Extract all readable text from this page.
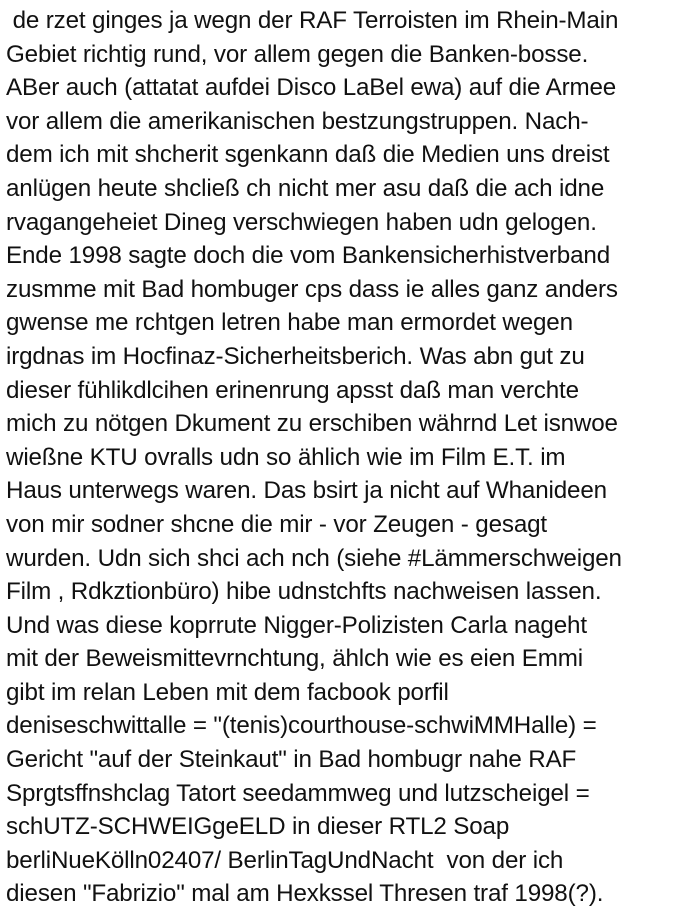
de rzet ginges ja wegn der RAF Terroisten im Rhein-Main
Gebiet richtig rund, vor allem gegen die Banken-bosse.
ABer auch (attatat aufdei Disco LaBel ewa) auf die Armee
vor allem die amerikanischen bestzungstruppen. Nach-
dem ich mit shcherit sgenkann daß die Medien uns dreist
anlügen heute shcließ ch nicht mer asu daß die ach idne
rvagangeheiet Dineg verschwiegen haben udn gelogen.
Ende 1998 sagte doch die vom Bankensicherhistverband
zusmme mit Bad hombuger cps dass ie alles ganz anders
gwense me rchtgen letren habe man ermordet wegen
irgdnas im Hocfinaz-Sicherheitsberich. Was abn gut zu
dieser fühlikdlcihen erinenrung apsst daß man verchte
mich zu nötgen Dkument zu erschiben währnd Let isnwoe
wießne KTU ovralls udn so ählich wie im Film E.T. im
Haus unterwegs waren. Das bsirt ja nicht auf Whanideen
von mir sodner shcne die mir - vor Zeugen - gesagt
wurden. Udn sich shci ach nch (siehe #Lämmerschweigen
Film , Rdkztionbüro) hibe udnstchfts nachweisen lassen.
Und was diese koprrute Nigger-Polizisten Carla nageht
mit der Beweismittevrnchtung, ählch wie es eien Emmi
gibt im relan Leben mit dem facbook porfil
deniseschwittalle = "(tenis)courthouse-schwiMMHalle) =
Gericht "auf der Steinkaut" in Bad hombugr nahe RAF
Sprgtsffnshclag Tatort seedammweg und lutzscheigel =
schUTZ-SCHWEIGgeELD in dieser RTL2 Soap
berliNueKölln02407/ BerlinTagUndNacht  von der ich
diesen "Fabrizio" mal am Hexkssel Thresen traf 1998(?).
